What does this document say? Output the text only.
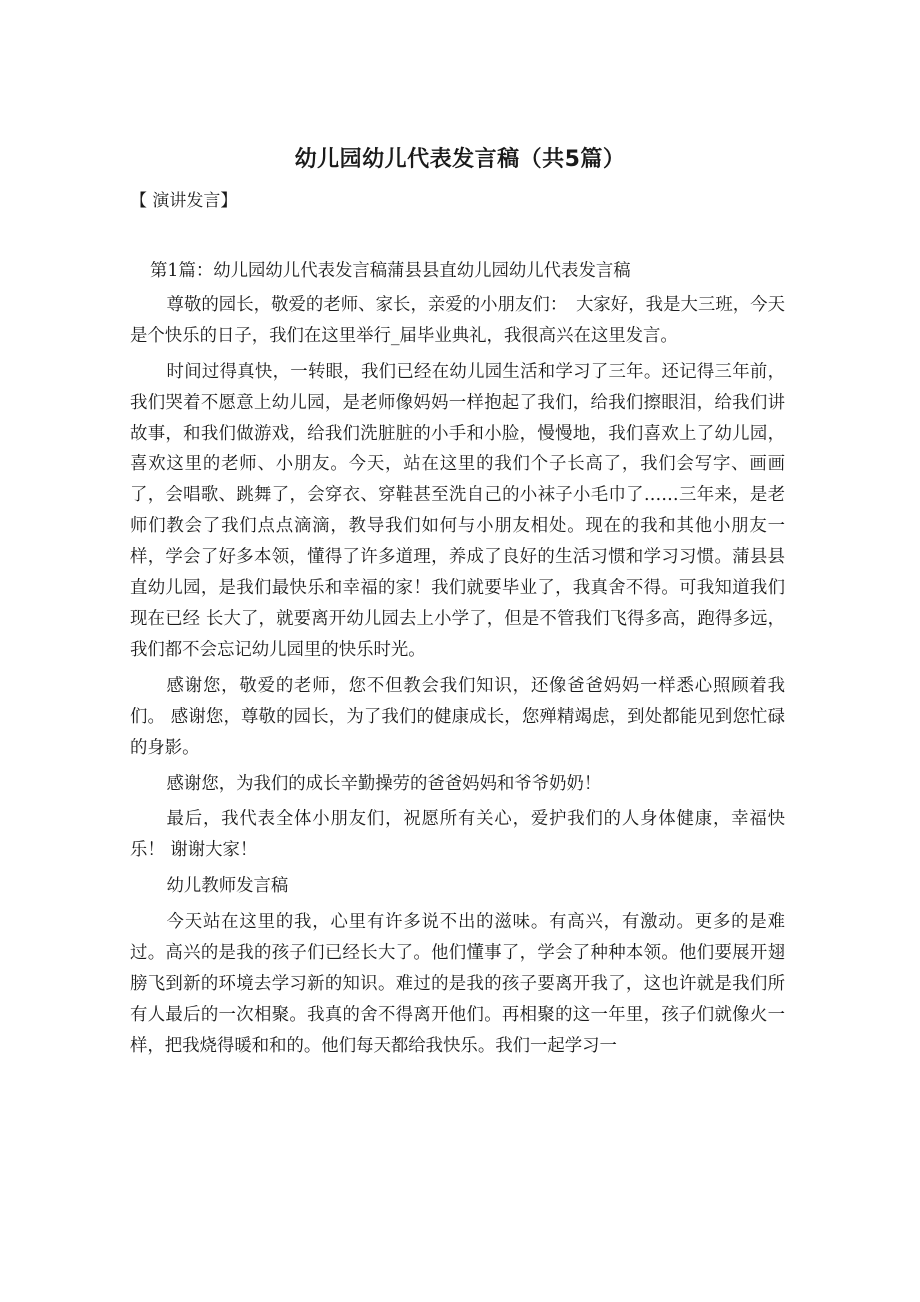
幼儿园幼儿代表发言稿（共5篇）

【 演讲发言】

第1篇：幼儿园幼儿代表发言稿蒲县县直幼儿园幼儿代表发言稿

尊敬的园长，敬爱的老师、家长，亲爱的小朋友们：　大家好，我是大三班，今天是个快乐的日子，我们在这里举行_届毕业典礼，我很高兴在这里发言。

时间过得真快，一转眼，我们已经在幼儿园生活和学习了三年。还记得三年前，我们哭着不愿意上幼儿园，是老师像妈妈一样抱起了我们，给我们擦眼泪，给我们讲故事，和我们做游戏，给我们洗脏脏的小手和小脸，慢慢地，我们喜欢上了幼儿园，喜欢这里的老师、小朋友。今天，站在这里的我们个子长高了，我们会写字、画画了，会唱歌、跳舞了，会穿衣、穿鞋甚至洗自己的小袜子小毛巾了……三年来，是老师们教会了我们点点滴滴，教导我们如何与小朋友相处。现在的我和其他小朋友一样，学会了好多本领，懂得了许多道理，养成了良好的生活习惯和学习习惯。蒲县县直幼儿园，是我们最快乐和幸福的家！我们就要毕业了，我真舍不得。可我知道我们现在已经 长大了，就要离开幼儿园去上小学了，但是不管我们飞得多高，跑得多远，我们都不会忘记幼儿园里的快乐时光。

感谢您，敬爱的老师，您不但教会我们知识，还像爸爸妈妈一样悉心照顾着我们。 感谢您，尊敬的园长，为了我们的健康成长，您殚精竭虑，到处都能见到您忙碌的身影。

感谢您，为我们的成长辛勤操劳的爸爸妈妈和爷爷奶奶！

最后，我代表全体小朋友们，祝愿所有关心，爱护我们的人身体健康，幸福快乐！ 谢谢大家！

幼儿教师发言稿

今天站在这里的我，心里有许多说不出的滋味。有高兴，有激动。更多的是难过。高兴的是我的孩子们已经长大了。他们懂事了，学会了种种本领。他们要展开翅膀飞到新的环境去学习新的知识。难过的是我的孩子要离开我了，这也许就是我们所有人最后的一次相聚。我真的舍不得离开他们。再相聚的这一年里，孩子们就像火一样，把我烧得暖和和的。他们每天都给我快乐。我们一起学习一
